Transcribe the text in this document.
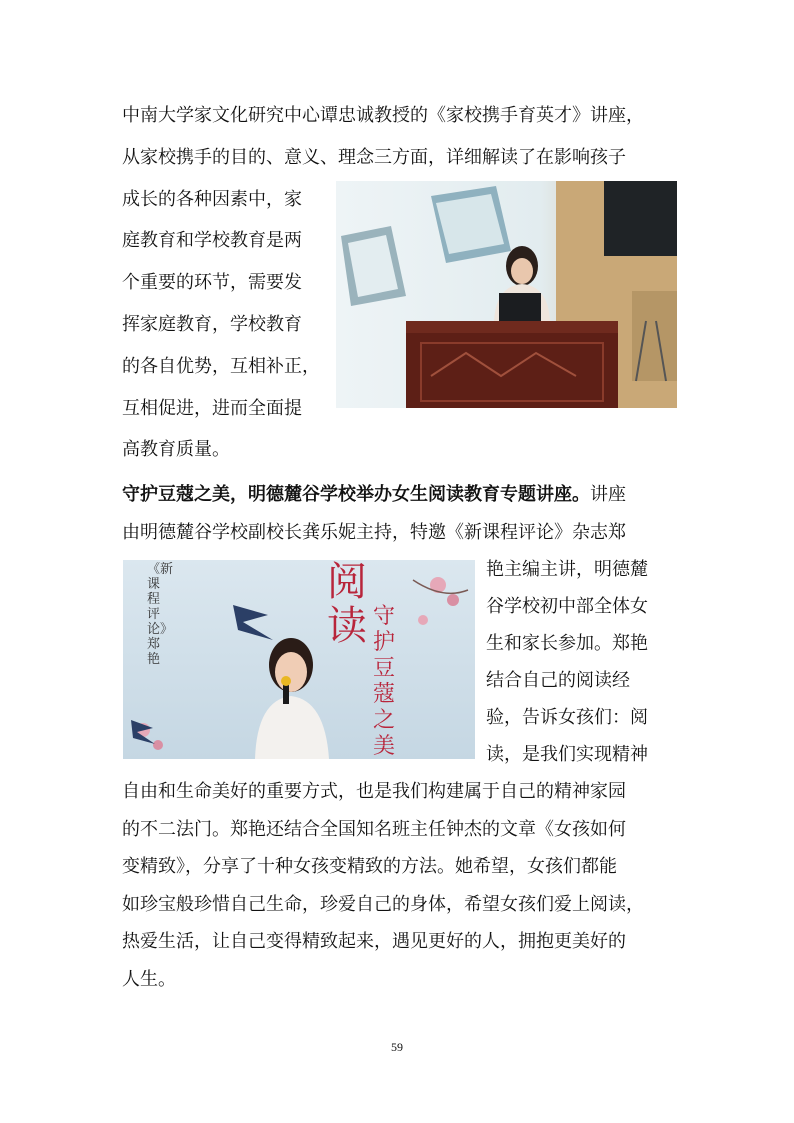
中南大学家文化研究中心谭忠诚教授的《家校携手育英才》讲座，
从家校携手的目的、意义、理念三方面，详细解读了在影响孩子
成长的各种因素中，家
庭教育和学校教育是两
个重要的环节，需要发
挥家庭教育，学校教育
的各自优势，互相补正，
互相促进，进而全面提
高教育质量。
守护豆蔻之美，明德麓谷学校举办女生阅读教育专题讲座。讲座
由明德麓谷学校副校长龚乐妮主持，特邀《新课程评论》杂志郑
艳主编主讲，明德麓
谷学校初中部全体女
生和家长参加。郑艳
结合自己的阅读经
验，告诉女孩们：阅
读，是我们实现精神
自由和生命美好的重要方式，也是我们构建属于自己的精神家园
的不二法门。郑艳还结合全国知名班主任钟杰的文章《女孩如何
变精致》，分享了十种女孩变精致的方法。她希望，女孩们都能
如珍宝般珍惜自己生命，珍爱自己的身体，希望女孩们爱上阅读，
热爱生活，让自己变得精致起来，遇见更好的人，拥抱更美好的
人生。
阅
读 守护豆蔻之美
《新课程评论》郑艳
59
